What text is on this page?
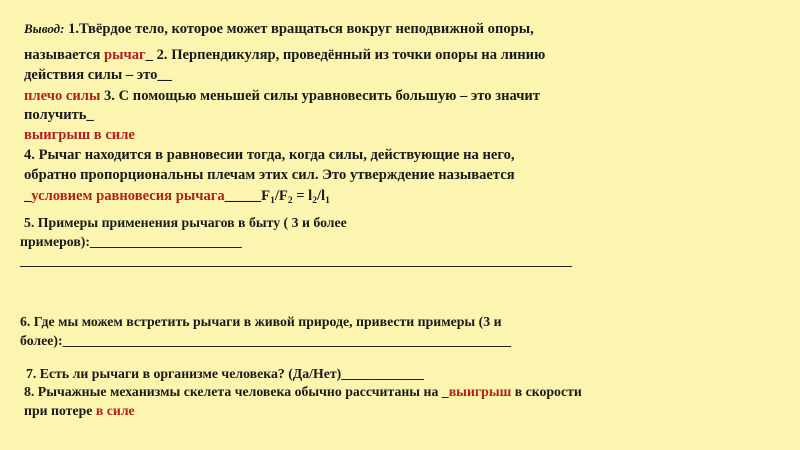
Вывод: 1.Твёрдое тело, которое может вращаться вокруг неподвижной опоры,

называется рычаг_ 2. Перпендикуляр, проведённый из точки опоры на линию

действия силы – это__

плечо силы 3. С помощью меньшей силы уравновесить большую – это значит

получить_

выигрыш в силе

4. Рычаг находится в равновесии тогда, когда силы, действующие на него,

обратно пропорциональны плечам этих сил. Это утверждение называется

_условием равновесия $рычага\_\_\_\_\_F_1/F_2 = l_2/l_1$

5. Примеры применения рычагов в быту ( 3 и более

примеров):______________________

________________________________________________________________________________

6. Где мы можем встретить рычаги в живой природе, привести примеры (3 и

более):_________________________________________________________________

7. Есть ли рычаги в организме человека? (Да/Нет)____________

8. Рычажные механизмы скелета человека обычно рассчитаны на _выигрыш в скорости

при потере в силе
